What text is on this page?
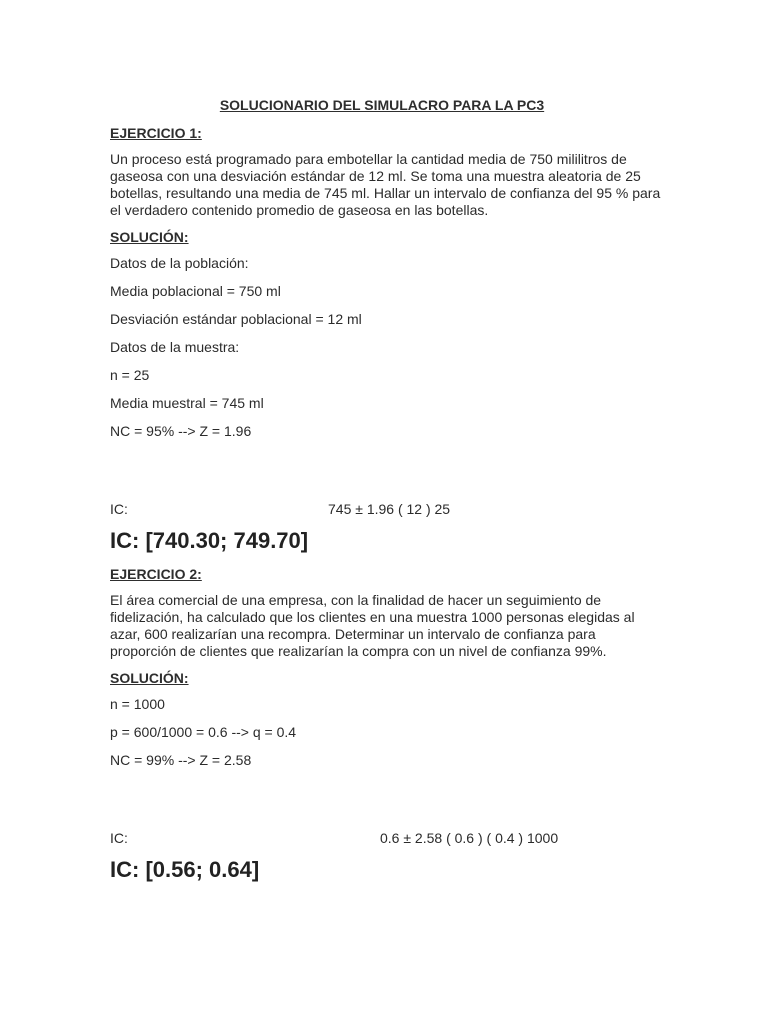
SOLUCIONARIO DEL SIMULACRO PARA LA PC3
EJERCICIO 1:
Un proceso está programado para embotellar la cantidad media de 750 mililitros de gaseosa con una desviación estándar de 12 ml. Se toma una muestra aleatoria de 25 botellas, resultando una media de 745 ml. Hallar un intervalo de confianza del 95 % para el verdadero contenido promedio de gaseosa en las botellas.
SOLUCIÓN:
Datos de la población:
Media poblacional = 750 ml
Desviación estándar poblacional = 12 ml
Datos de la muestra:
n = 25
Media muestral = 745 ml
NC = 95% --> Z = 1.96
IC:	745 ± 1.96 ( 12 ) 25
IC: [740.30; 749.70]
EJERCICIO 2:
El área comercial de una empresa, con la finalidad de hacer un seguimiento de fidelización, ha calculado que los clientes en una muestra 1000 personas elegidas al azar, 600 realizarían una recompra. Determinar un intervalo de confianza para proporción de clientes que realizarían la compra con un nivel de confianza 99%.
SOLUCIÓN:
n = 1000
p = 600/1000 = 0.6 --> q = 0.4
NC = 99% --> Z = 2.58
IC:	0.6 ± 2.58 ( 0.6 ) ( 0.4 ) 1000
IC: [0.56; 0.64]
